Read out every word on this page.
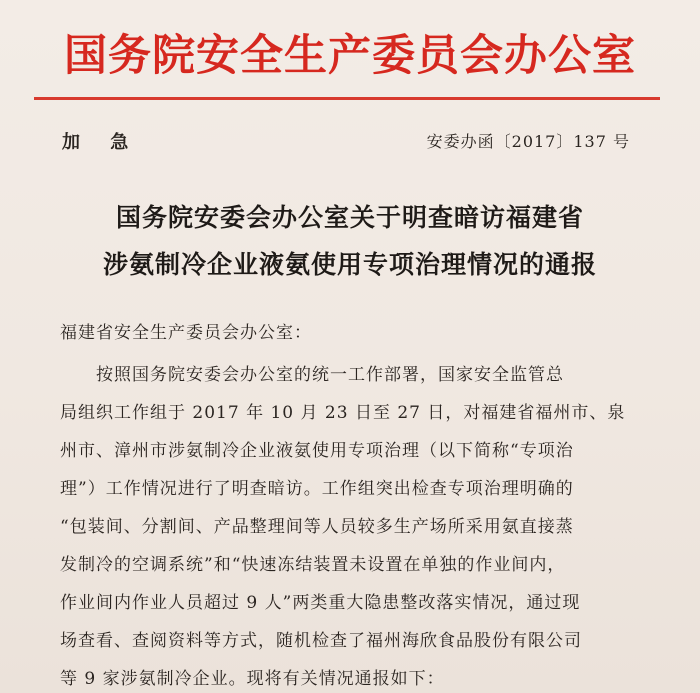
国务院安全生产委员会办公室
加 急	安委办函〔2017〕137 号
国务院安委会办公室关于明查暗访福建省
涉氨制冷企业液氨使用专项治理情况的通报
福建省安全生产委员会办公室：
　　按照国务院安委会办公室的统一工作部署，国家安全监管总
局组织工作组于 2017 年 10 月 23 日至 27 日，对福建省福州市、泉
州市、漳州市涉氨制冷企业液氨使用专项治理（以下简称“专项治
理”）工作情况进行了明查暗访。工作组突出检查专项治理明确的
“包装间、分割间、产品整理间等人员较多生产场所采用氨直接蒸
发制冷的空调系统”和“快速冻结装置未设置在单独的作业间内，
作业间内作业人员超过 9 人”两类重大隐患整改落实情况，通过现
场查看、查阅资料等方式，随机检查了福州海欣食品股份有限公司
等 9 家涉氨制冷企业。现将有关情况通报如下：
